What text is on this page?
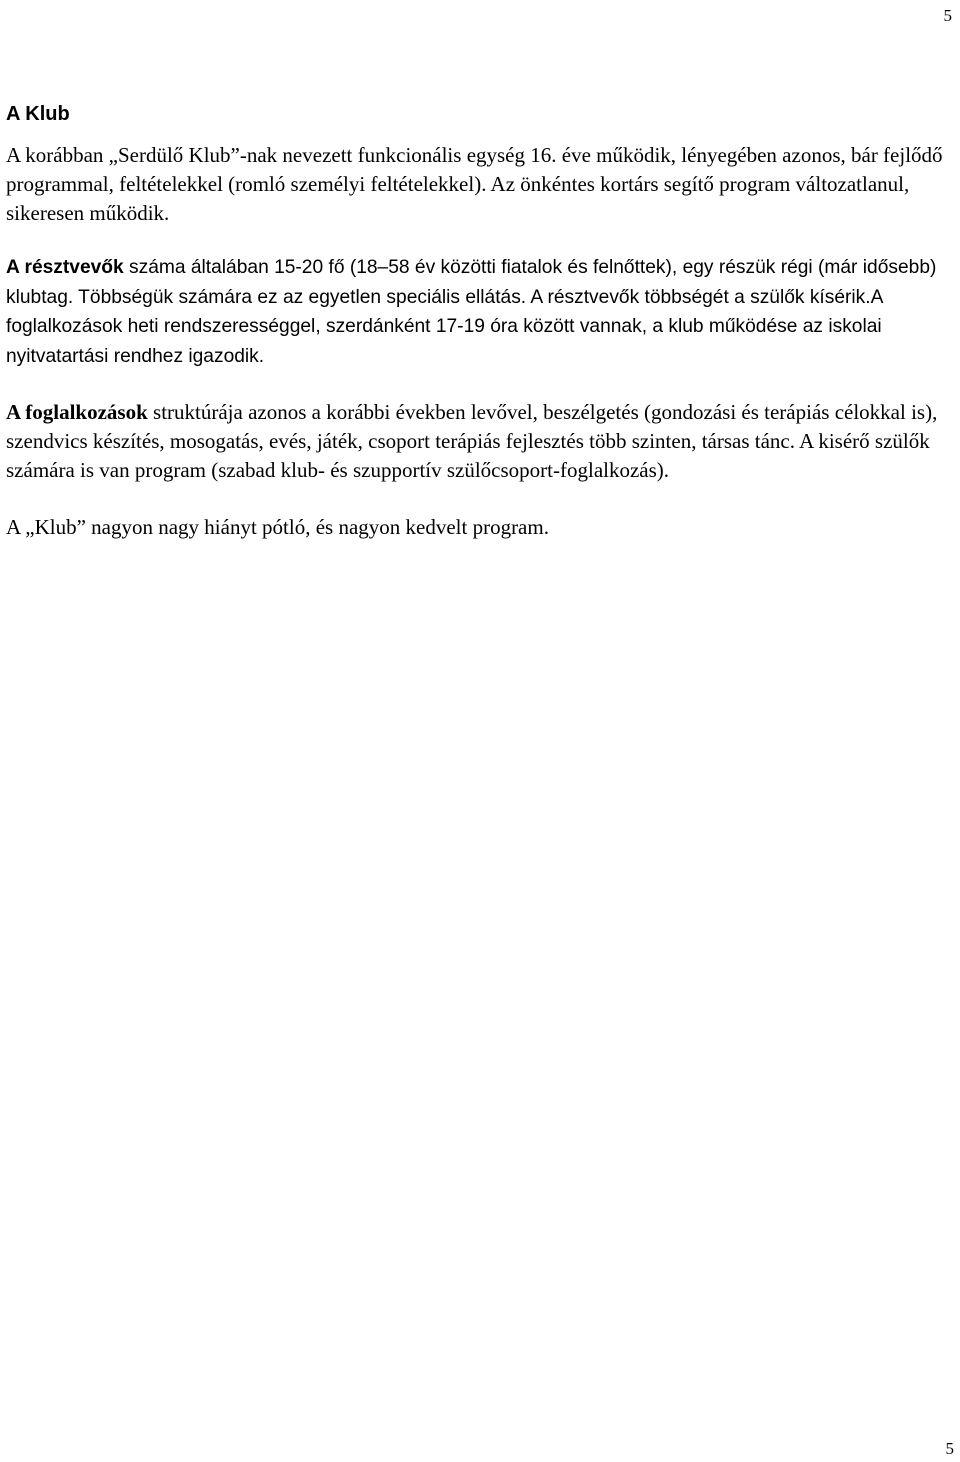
5
A Klub

A korábban „Serdülő Klub”-nak nevezett funkcionális egység 16. éve működik, lényegében azonos, bár fejlődő programmal, feltételekkel (romló személyi feltételekkel). Az önkéntes kortárs segítő program változatlanul, sikeresen működik.

A résztvevők száma általában 15-20 fő (18–58 év közötti fiatalok és felnőttek), egy részük régi (már idősebb) klubtag. Többségük számára ez az egyetlen speciális ellátás. A résztvevők többségét a szülők kísérik.A foglalkozások heti rendszerességgel, szerdánként 17-19 óra között vannak, a klub működése az iskolai nyitvatartási rendhez igazodik.

A foglalkozások struktúrája azonos a korábbi években levővel, beszélgetés (gondozási és terápiás célokkal is), szendvics készítés, mosogatás, evés, játék, csoport terápiás fejlesztés több szinten, társas tánc. A kisérő szülők számára is van program (szabad klub- és szupportív szülőcsoport-foglalkozás).

A „Klub” nagyon nagy hiányt pótló, és nagyon kedvelt program.

5
